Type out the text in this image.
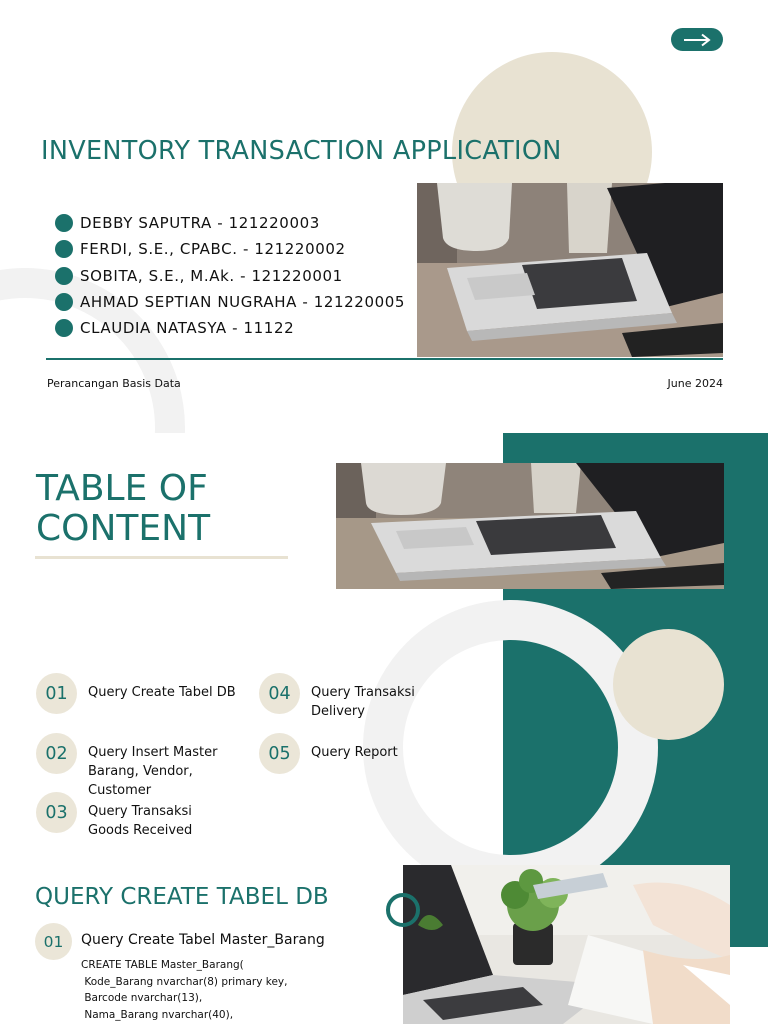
INVENTORY TRANSACTION APPLICATION
DEBBY SAPUTRA - 121220003
FERDI, S.E., CPABC. - 121220002
SOBITA, S.E., M.Ak. - 121220001
AHMAD SEPTIAN NUGRAHA - 121220005
CLAUDIA NATASYA - 11122
Perancangan Basis Data	June 2024
TABLE OF
CONTENT
01	Query Create Tabel DB
02	Query Insert Master Barang, Vendor, Customer
03	Query Transaksi Goods Received
04	Query Transaksi Delivery
05	Query Report
QUERY CREATE TABEL DB
01	Query Create Tabel Master_Barang
CREATE TABLE Master_Barang(
Kode_Barang nvarchar(8) primary key,
Barcode nvarchar(13),
Nama_Barang nvarchar(40),
